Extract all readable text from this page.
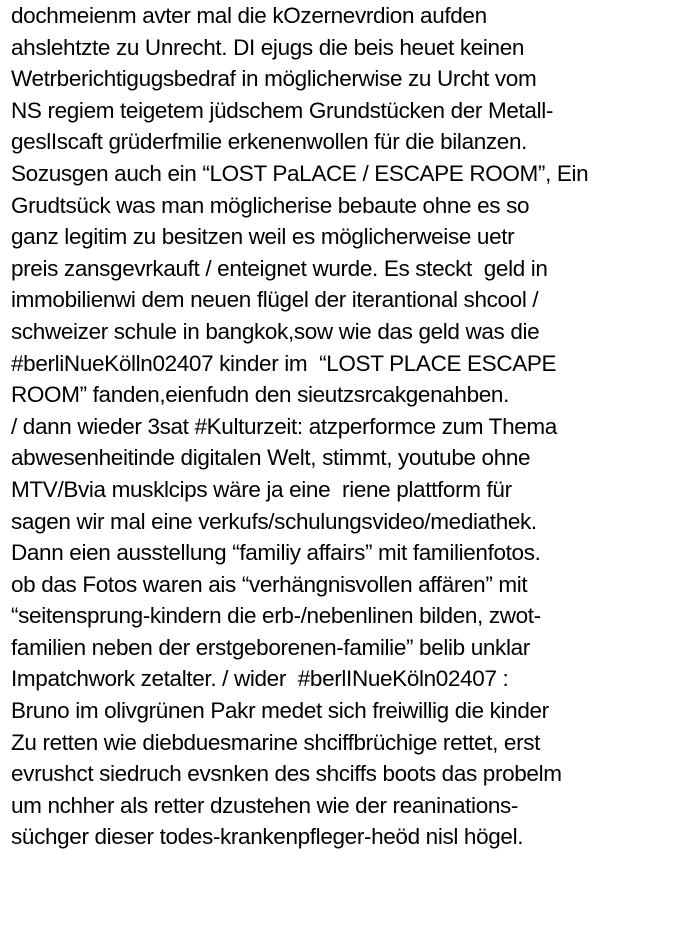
dochmeienm avter mal die kOzernevrdion aufden
ahslehtzte zu Unrecht. DI ejugs die beis heuet keinen
Wetrberichtigugsbedraf in möglicherwise zu Urcht vom
NS regiem teigetem jüdschem Grundstücken der Metall-
geslIscaft grüderfmilie erkenenwollen für die bilanzen.
Sozusgen auch ein “LOST PaLACE / ESCAPE ROOM”, Ein
Grudtsück was man möglicherise bebaute ohne es so
ganz legitim zu besitzen weil es möglicherweise uetr
preis zansgevrkauft / enteignet wurde. Es steckt  geld in
immobilienwi dem neuen flügel der iterantional shcool /
schweizer schule in bangkok,sow wie das geld was die
#berliNueKölln02407 kinder im  “LOST PLACE ESCAPE
ROOM” fanden,eienfudn den sieutzsrcakgenahben.
/ dann wieder 3sat #Kulturzeit: atzperformce zum Thema
abwesenheitinde digitalen Welt, stimmt, youtube ohne
MTV/Bvia musklcips wäre ja eine  riene plattform für
sagen wir mal eine verkufs/schulungsvideo/mediathek.
Dann eien ausstellung “familiy affairs” mit familienfotos.
ob das Fotos waren ais “verhängnisvollen affären” mit
“seitensprung-kindern die erb-/nebenlinen bilden, zwot-
familien neben der erstgeborenen-familie” belib unklar
Impatchwork zetalter. / wider  #berlINueKöln02407 :
Bruno im olivgrünen Pakr medet sich freiwillig die kinder
Zu retten wie diebduesmarine shciffbrüchige rettet, erst
evrushct siedruch evsnken des shciffs boots das probelm
um nchher als retter dzustehen wie der reaninations-
süchger dieser todes-krankenpfleger-heöd nisl högel.
